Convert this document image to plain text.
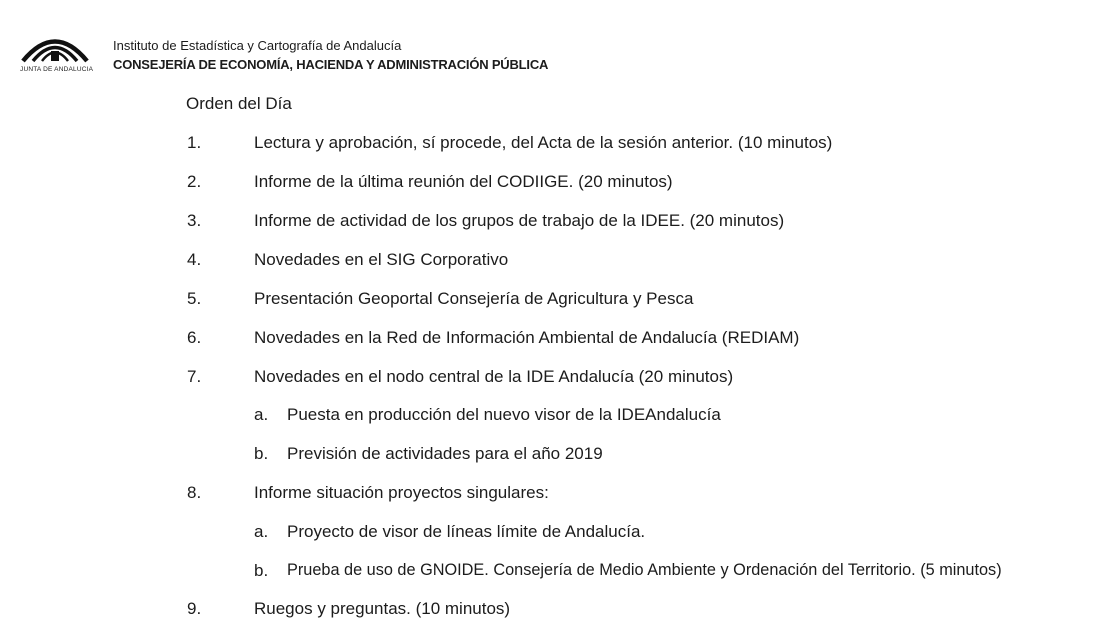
JUNTA DE ANDALUCIA
Instituto de Estadística y Cartografía de Andalucía
CONSEJERÍA DE ECONOMÍA, HACIENDA Y ADMINISTRACIÓN PÚBLICA
Orden del Día
1.	Lectura y aprobación, sí procede, del Acta de la sesión anterior. (10 minutos)
2.	Informe de la última reunión del CODIIGE. (20 minutos)
3.	Informe de actividad de los grupos de trabajo de la IDEE. (20 minutos)
4.	Novedades en el SIG Corporativo
5.	Presentación Geoportal Consejería de Agricultura y Pesca
6.	Novedades en la Red de Información Ambiental de Andalucía (REDIAM)
7.	Novedades en el nodo central de la IDE Andalucía (20 minutos)
a. Puesta en producción del nuevo visor de la IDEAndalucía
b. Previsión de actividades para el año 2019
8.	Informe situación proyectos singulares:
a. Proyecto de visor de líneas límite de Andalucía.
b. Prueba de uso de GNOIDE. Consejería de Medio Ambiente y Ordenación del Territorio. (5 minutos)
9.	Ruegos y preguntas. (10 minutos)
